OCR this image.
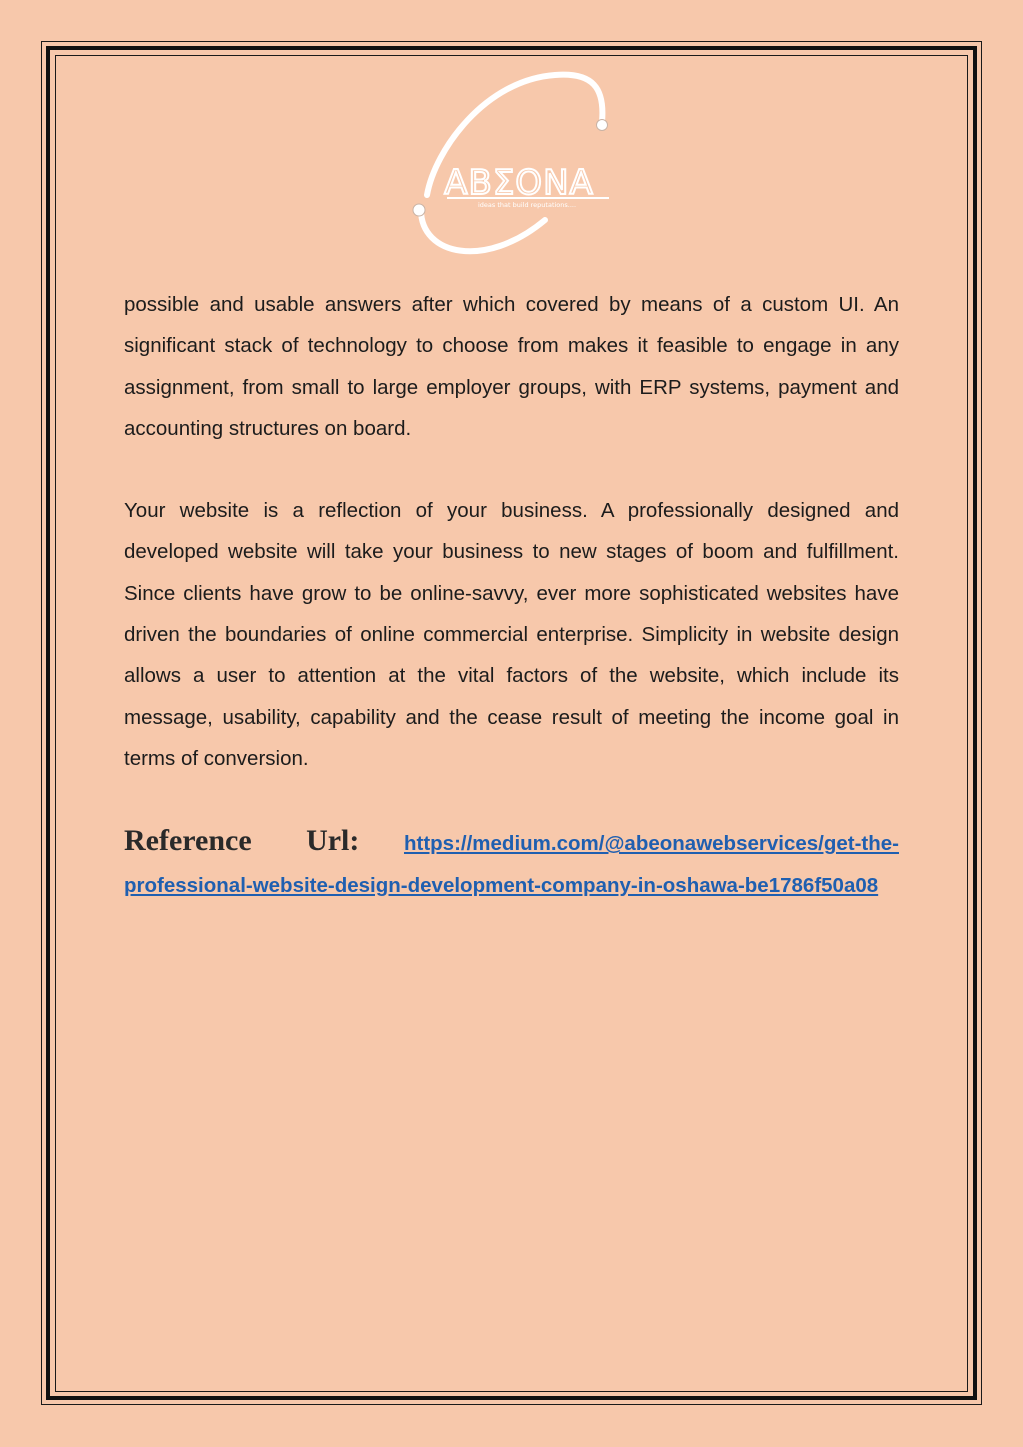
ABΣONA
ideas that build reputations....

possible and usable answers after which covered by means of a custom UI. An significant stack of technology to choose from makes it feasible to engage in any assignment, from small to large employer groups, with ERP systems, payment and accounting structures on board.

Your website is a reflection of your business. A professionally designed and developed website will take your business to new stages of boom and fulfillment. Since clients have grow to be online-savvy, ever more sophisticated websites have driven the boundaries of online commercial enterprise. Simplicity in website design allows a user to attention at the vital factors of the website, which include its message, usability, capability and the cease result of meeting the income goal in terms of conversion.

Reference Url: https://medium.com/@abeonawebservices/get-the-professional-website-design-development-company-in-oshawa-be1786f50a08
